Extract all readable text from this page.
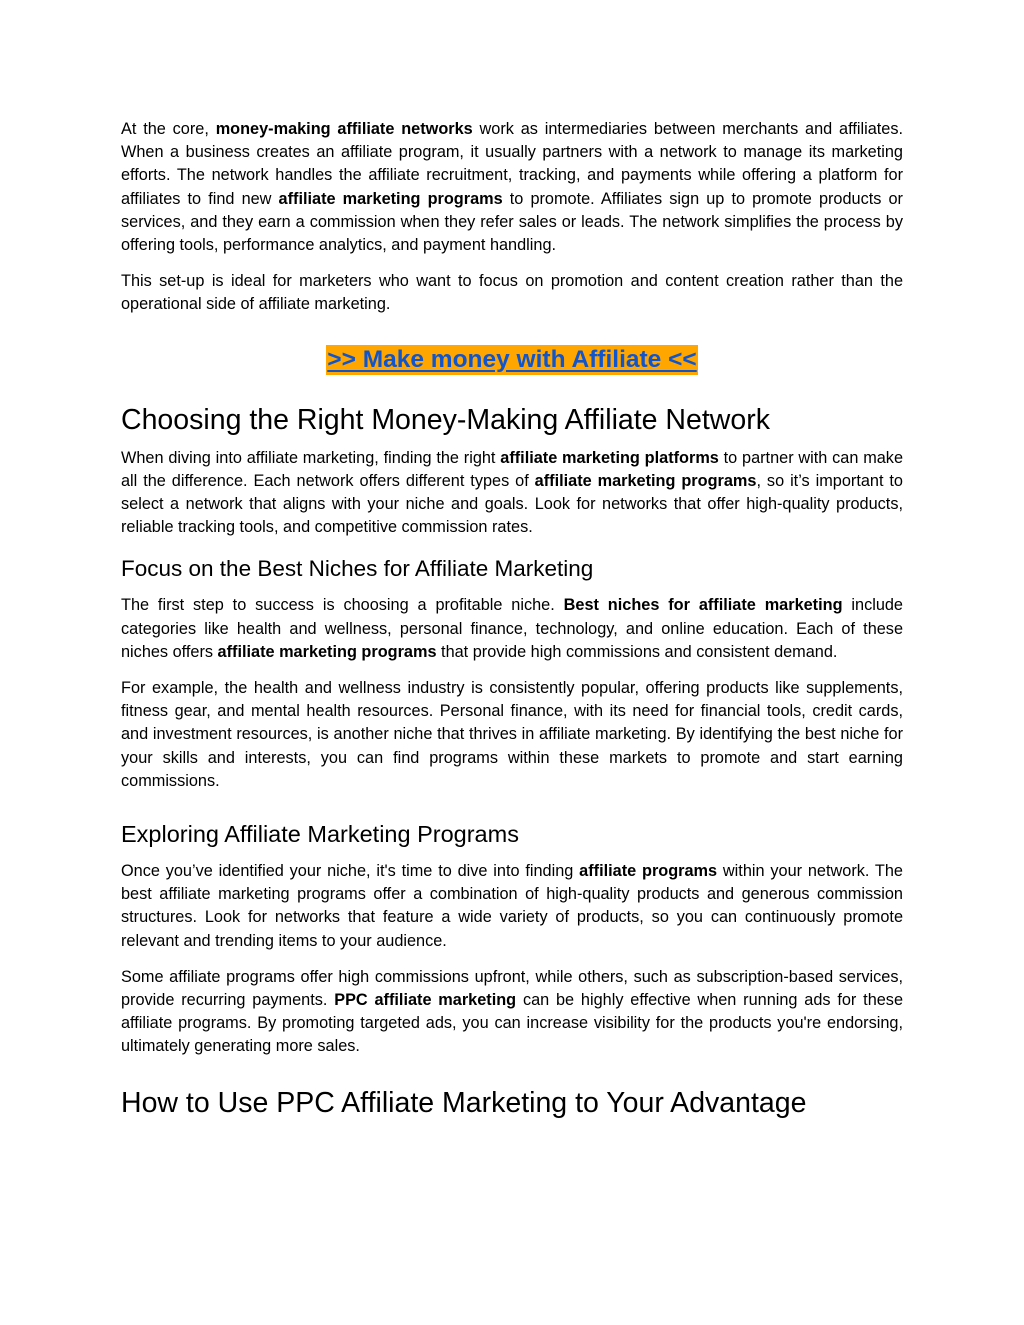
At the core, money-making affiliate networks work as intermediaries between merchants and affiliates. When a business creates an affiliate program, it usually partners with a network to manage its marketing efforts. The network handles the affiliate recruitment, tracking, and payments while offering a platform for affiliates to find new affiliate marketing programs to promote. Affiliates sign up to promote products or services, and they earn a commission when they refer sales or leads. The network simplifies the process by offering tools, performance analytics, and payment handling.

This set-up is ideal for marketers who want to focus on promotion and content creation rather than the operational side of affiliate marketing.

>> Make money with Affiliate <<
Choosing the Right Money-Making Affiliate Network

When diving into affiliate marketing, finding the right affiliate marketing platforms to partner with can make all the difference. Each network offers different types of affiliate marketing programs, so it’s important to select a network that aligns with your niche and goals. Look for networks that offer high-quality products, reliable tracking tools, and competitive commission rates.

Focus on the Best Niches for Affiliate Marketing

The first step to success is choosing a profitable niche. Best niches for affiliate marketing include categories like health and wellness, personal finance, technology, and online education. Each of these niches offers affiliate marketing programs that provide high commissions and consistent demand.

For example, the health and wellness industry is consistently popular, offering products like supplements, fitness gear, and mental health resources. Personal finance, with its need for financial tools, credit cards, and investment resources, is another niche that thrives in affiliate marketing. By identifying the best niche for your skills and interests, you can find programs within these markets to promote and start earning commissions.

Exploring Affiliate Marketing Programs

Once you’ve identified your niche, it's time to dive into finding affiliate programs within your network. The best affiliate marketing programs offer a combination of high-quality products and generous commission structures. Look for networks that feature a wide variety of products, so you can continuously promote relevant and trending items to your audience.

Some affiliate programs offer high commissions upfront, while others, such as subscription-based services, provide recurring payments. PPC affiliate marketing can be highly effective when running ads for these affiliate programs. By promoting targeted ads, you can increase visibility for the products you're endorsing, ultimately generating more sales.

How to Use PPC Affiliate Marketing to Your Advantage
